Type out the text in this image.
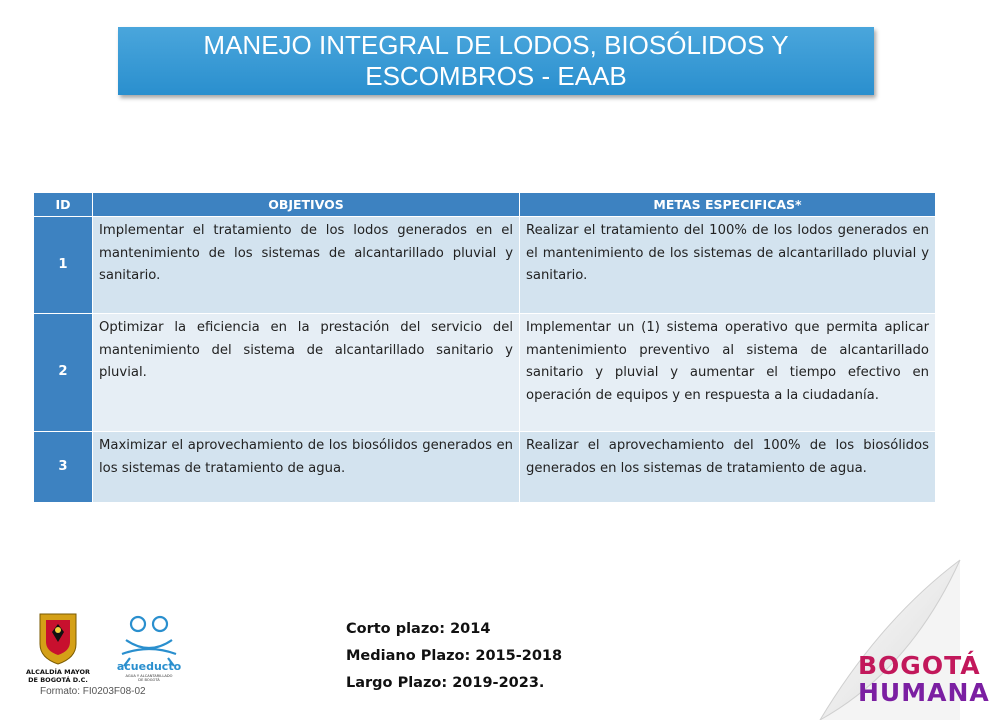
MANEJO INTEGRAL DE LODOS, BIOSÓLIDOS Y
ESCOMBROS - EAAB
ID	OBJETIVOS	METAS ESPECIFICAS*
1	Implementar el tratamiento de los lodos generados en el mantenimiento de los sistemas de alcantarillado pluvial y sanitario.	Realizar el tratamiento del 100% de los lodos generados en el mantenimiento de los sistemas de alcantarillado pluvial y sanitario.
2	Optimizar la eficiencia en la prestación del servicio del mantenimiento del sistema de alcantarillado sanitario y pluvial.	Implementar un (1) sistema operativo que permita aplicar mantenimiento preventivo al sistema de alcantarillado sanitario y pluvial y aumentar el tiempo efectivo en operación de equipos y en respuesta a la ciudadanía.
3	Maximizar el aprovechamiento de los biosólidos generados en los sistemas de tratamiento de agua.	Realizar el aprovechamiento del 100% de los biosólidos generados en los sistemas de tratamiento de agua.
Corto plazo: 2014
Mediano Plazo: 2015-2018
Largo Plazo: 2019-2023.
ALCALDÍA MAYOR
DE BOGOTÁ D.C.
acueducto
AGUA Y ALCANTARILLADO
DE BOGOTÁ
Formato: FI0203F08-02
BOGOTÁ
HUMANA
